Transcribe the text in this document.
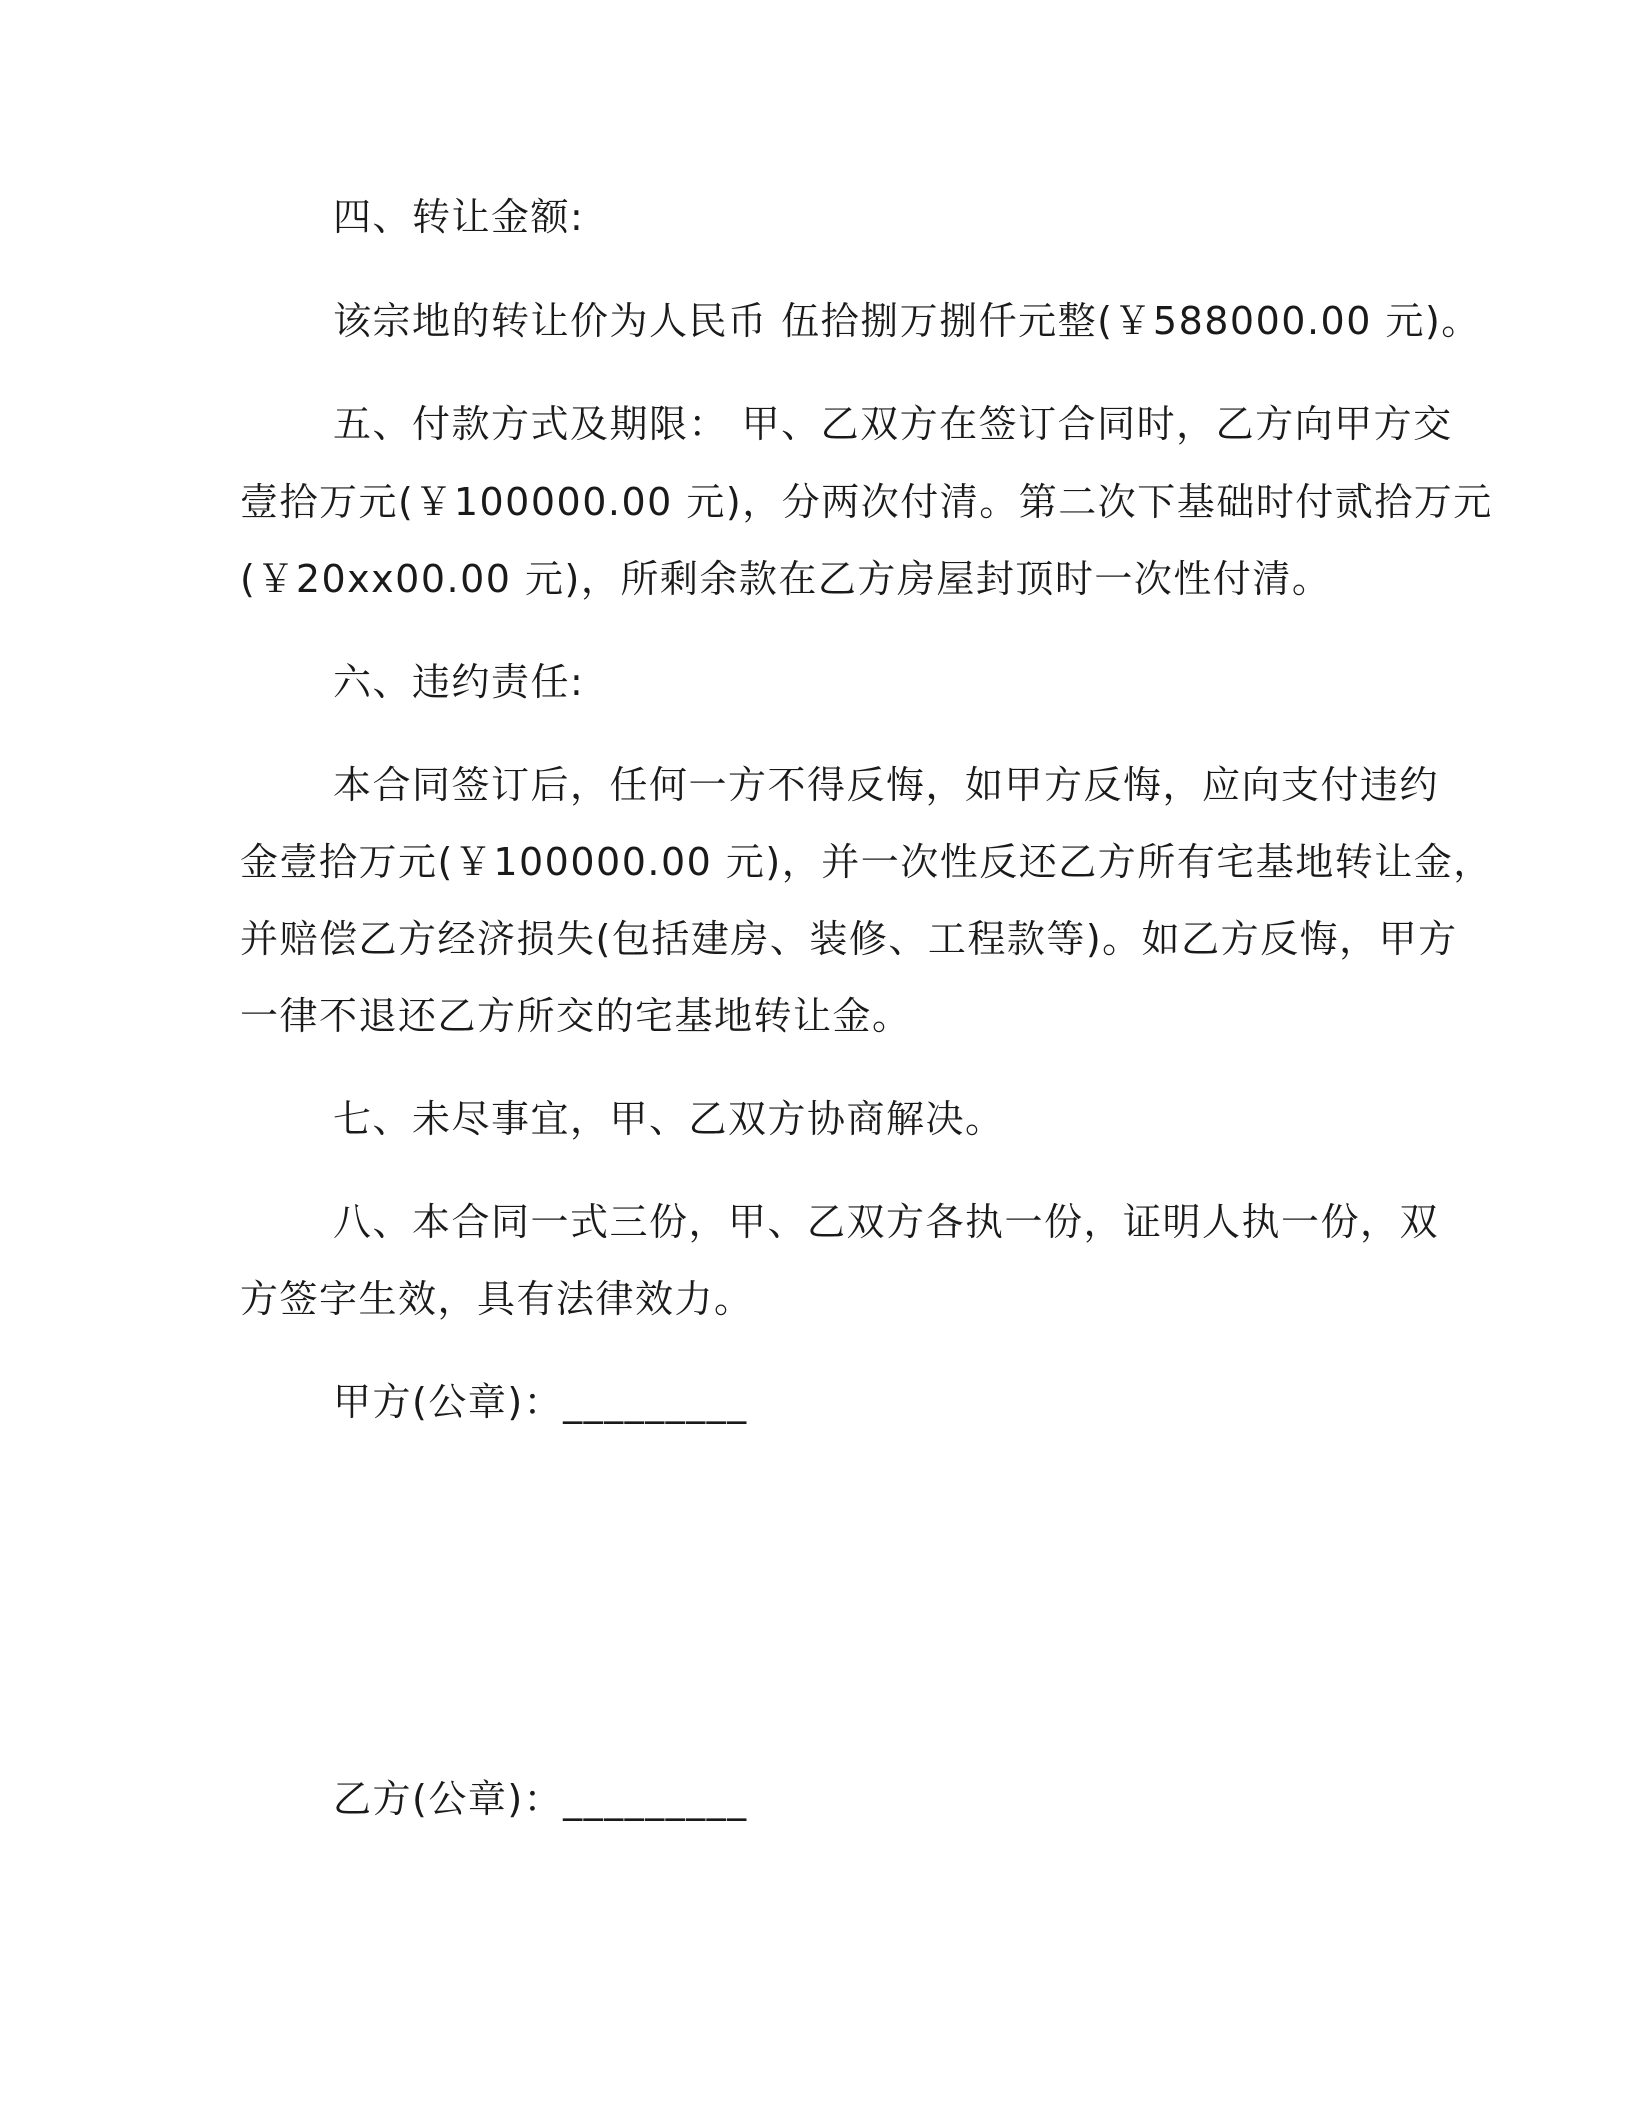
四、转让金额:

该宗地的转让价为人民币 伍拾捌万捌仟元整(￥588000.00 元)。

五、付款方式及期限： 甲、乙双方在签订合同时，乙方向甲方交

壹拾万元(￥100000.00 元)，分两次付清。第二次下基础时付贰拾万元

(￥20xx00.00 元)，所剩余款在乙方房屋封顶时一次性付清。

六、违约责任:

本合同签订后，任何一方不得反悔，如甲方反悔，应向支付违约

金壹拾万元(￥100000.00 元)，并一次性反还乙方所有宅基地转让金，

并赔偿乙方经济损失(包括建房、装修、工程款等)。如乙方反悔，甲方

一律不退还乙方所交的宅基地转让金。

七、未尽事宜，甲、乙双方协商解决。

八、本合同一式三份，甲、乙双方各执一份，证明人执一份，双

方签字生效，具有法律效力。

甲方(公章)：_________

乙方(公章)：_________
